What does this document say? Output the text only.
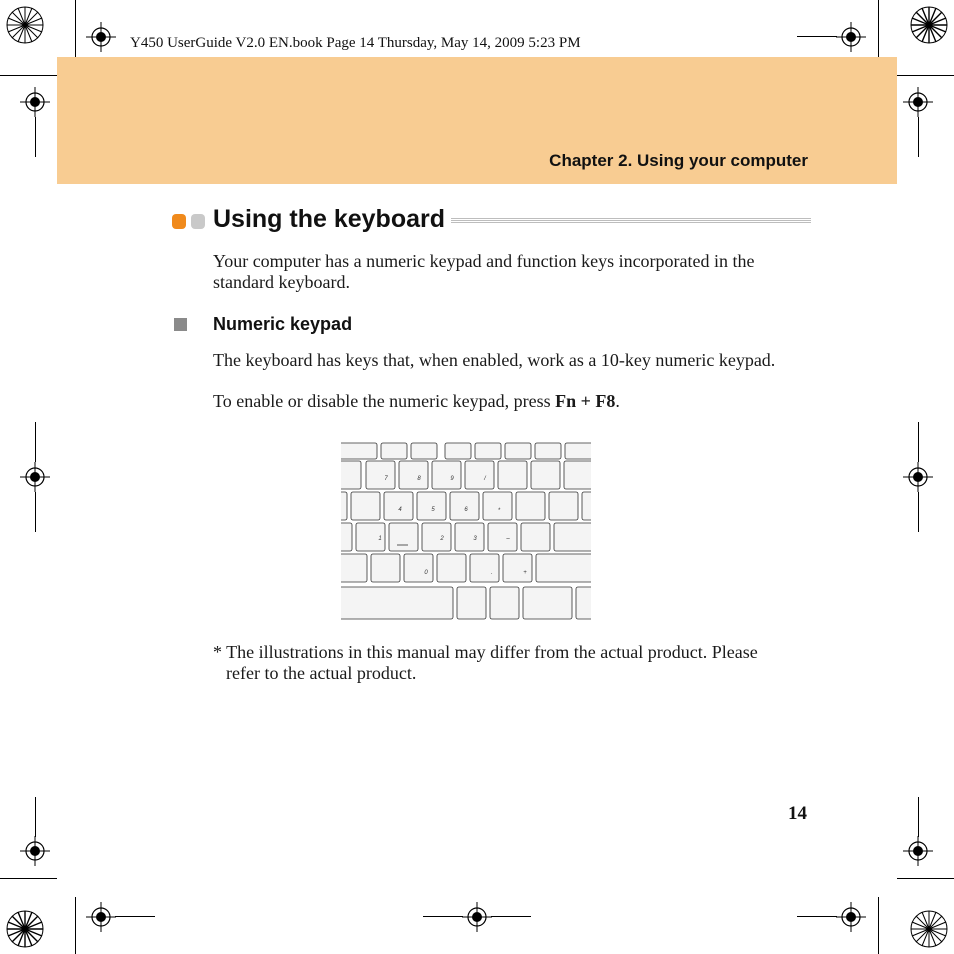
Y450 UserGuide V2.0 EN.book Page 14 Thursday, May 14, 2009 5:23 PM
Chapter 2. Using your computer
Using the keyboard
Your computer has a numeric keypad and function keys incorporated in the standard keyboard.
Numeric keypad
The keyboard has keys that, when enabled, work as a 10-key numeric keypad.
To enable or disable the numeric keypad, press Fn + F8.
7	8	9	/
4	5	6	*
1	2	3	–
0	.	+
* The illustrations in this manual may differ from the actual product. Please
refer to the actual product.
14
